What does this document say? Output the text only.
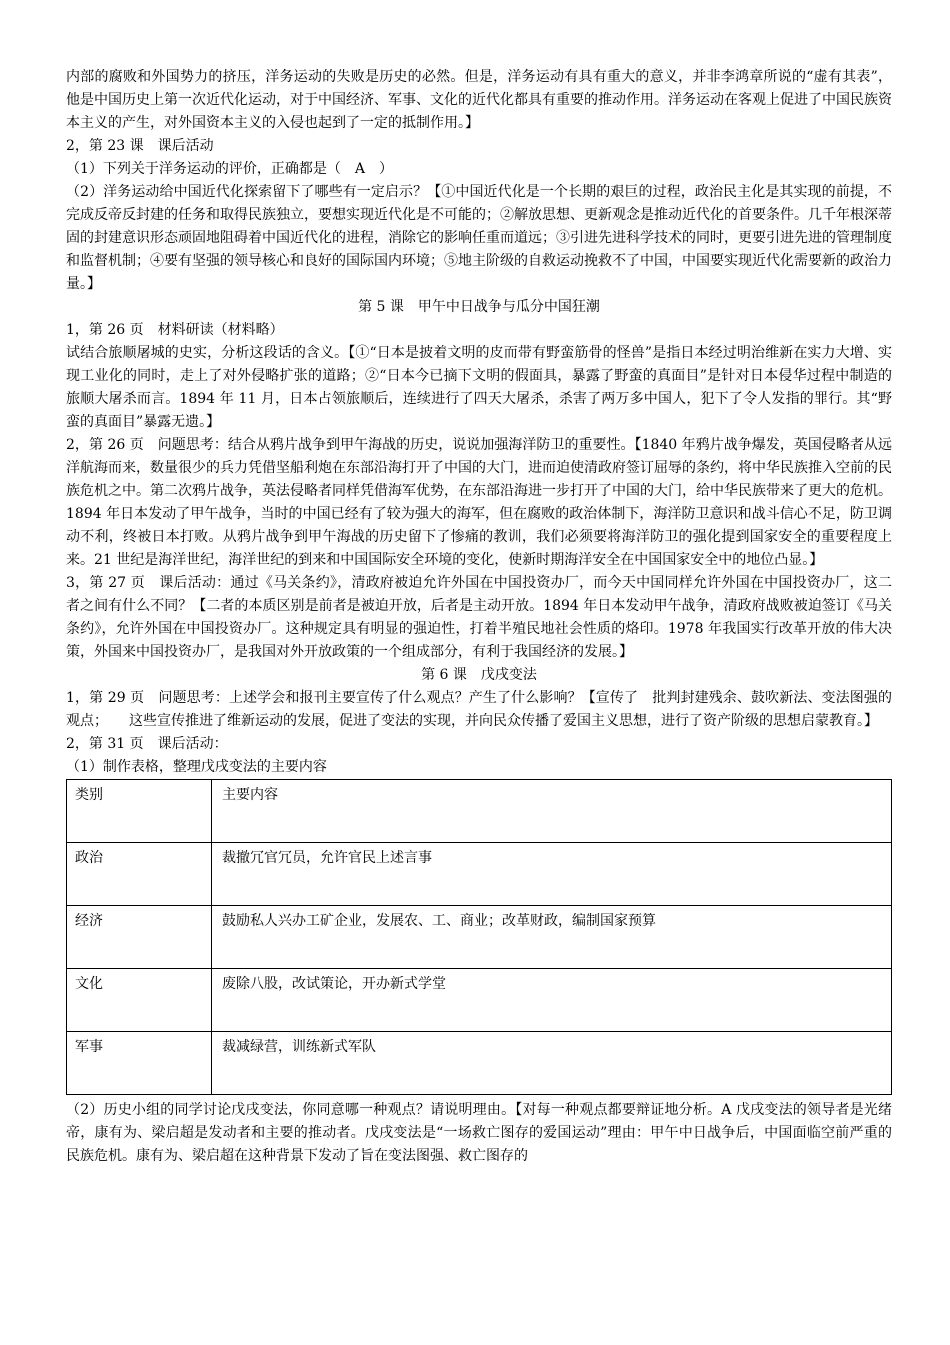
内部的腐败和外国势力的挤压，洋务运动的失败是历史的必然。但是，洋务运动有具有重大的意义，并非李鸿章所说的“虚有其表”，他是中国历史上第一次近代化运动，对于中国经济、军事、文化的近代化都具有重要的推动作用。洋务运动在客观上促进了中国民族资本主义的产生，对外国资本主义的入侵也起到了一定的抵制作用。】

2，第 23 课　课后活动

（1）下列关于洋务运动的评价，正确都是（　A　）

（2）洋务运动给中国近代化探索留下了哪些有一定启示？【①中国近代化是一个长期的艰巨的过程，政治民主化是其实现的前提，不完成反帝反封建的任务和取得民族独立，要想实现近代化是不可能的；②解放思想、更新观念是推动近代化的首要条件。几千年根深蒂固的封建意识形态顽固地阻碍着中国近代化的进程，消除它的影响任重而道远；③引进先进科学技术的同时，更要引进先进的管理制度和监督机制；④要有坚强的领导核心和良好的国际国内环境；⑤地主阶级的自救运动挽救不了中国，中国要实现近代化需要新的政治力量。】

第 5 课　甲午中日战争与瓜分中国狂潮

1，第 26 页　材料研读（材料略）

试结合旅顺屠城的史实，分析这段话的含义。【①“日本是披着文明的皮而带有野蛮筋骨的怪兽”是指日本经过明治维新在实力大增、实现工业化的同时，走上了对外侵略扩张的道路；②“日本今已摘下文明的假面具，暴露了野蛮的真面目”是针对日本侵华过程中制造的旅顺大屠杀而言。1894 年 11 月，日本占领旅顺后，连续进行了四天大屠杀，杀害了两万多中国人，犯下了令人发指的罪行。其“野蛮的真面目”暴露无遗。】

2，第 26 页　问题思考：结合从鸦片战争到甲午海战的历史，说说加强海洋防卫的重要性。【1840 年鸦片战争爆发，英国侵略者从远洋航海而来，数量很少的兵力凭借坚船利炮在东部沿海打开了中国的大门，进而迫使清政府签订屈辱的条约，将中华民族推入空前的民族危机之中。第二次鸦片战争，英法侵略者同样凭借海军优势，在东部沿海进一步打开了中国的大门，给中华民族带来了更大的危机。1894 年日本发动了甲午战争，当时的中国已经有了较为强大的海军，但在腐败的政治体制下，海洋防卫意识和战斗信心不足，防卫调动不利，终被日本打败。从鸦片战争到甲午海战的历史留下了惨痛的教训，我们必须要将海洋防卫的强化提到国家安全的重要程度上来。21 世纪是海洋世纪，海洋世纪的到来和中国国际安全环境的变化，使新时期海洋安全在中国国家安全中的地位凸显。】

3，第 27 页　课后活动：通过《马关条约》，清政府被迫允许外国在中国投资办厂，而今天中国同样允许外国在中国投资办厂，这二者之间有什么不同？【二者的本质区别是前者是被迫开放，后者是主动开放。1894 年日本发动甲午战争，清政府战败被迫签订《马关条约》，允许外国在中国投资办厂。这种规定具有明显的强迫性，打着半殖民地社会性质的烙印。1978 年我国实行改革开放的伟大决策，外国来中国投资办厂，是我国对外开放政策的一个组成部分，有利于我国经济的发展。】

第 6 课　戊戌变法

1，第 29 页　问题思考：上述学会和报刊主要宣传了什么观点？产生了什么影响？【宣传了　批判封建残余、鼓吹新法、变法图强的观点；　　这些宣传推进了维新运动的发展，促进了变法的实现，并向民众传播了爱国主义思想，进行了资产阶级的思想启蒙教育。】

2，第 31 页　课后活动：

（1）制作表格，整理戊戌变法的主要内容

类别	主要内容
政治	裁撤冗官冗员，允许官民上述言事
经济	鼓励私人兴办工矿企业，发展农、工、商业；改革财政，编制国家预算
文化	废除八股，改试策论，开办新式学堂
军事	裁减绿营，训练新式军队

（2）历史小组的同学讨论戊戌变法，你同意哪一种观点？请说明理由。【对每一种观点都要辩证地分析。A 戊戌变法的领导者是光绪帝，康有为、梁启超是发动者和主要的推动者。戊戌变法是“一场救亡图存的爱国运动”理由：甲午中日战争后，中国面临空前严重的民族危机。康有为、梁启超在这种背景下发动了旨在变法图强、救亡图存的
